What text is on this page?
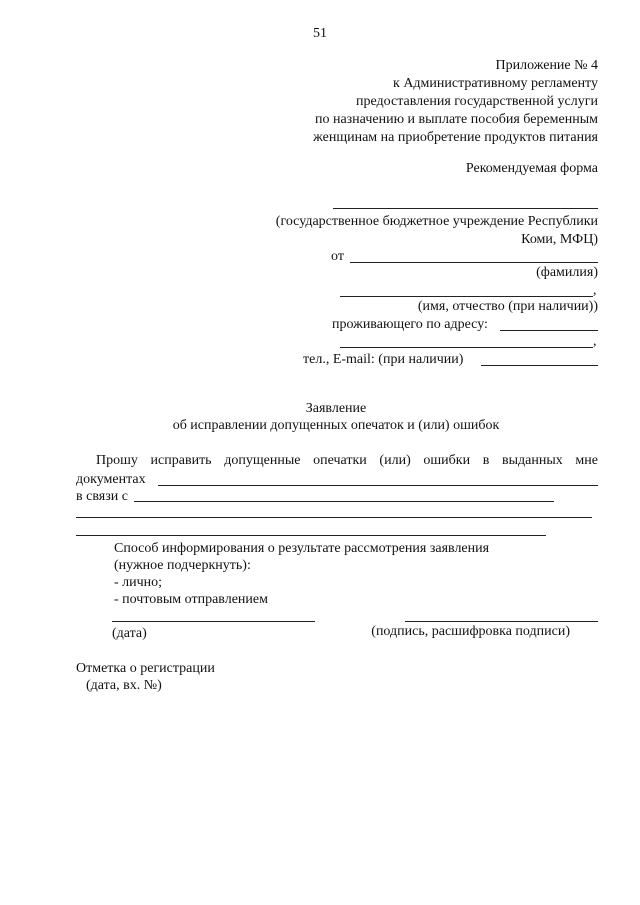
51
Приложение № 4
к Административному регламенту
предоставления государственной услуги
по назначению и выплате пособия беременным
женщинам на приобретение продуктов питания
Рекомендуемая форма
(государственное бюджетное учреждение Республики
Коми, МФЦ)
от
(фамилия)
,
(имя, отчество (при наличии))
проживающего по адресу:
,
тел., E-mail: (при наличии)
Заявление
об исправлении допущенных опечаток и (или) ошибок
Прошу исправить допущенные опечатки (или) ошибки в выданных мне
документах
в связи с
Способ информирования о результате рассмотрения заявления
(нужное подчеркнуть):
- лично;
- почтовым отправлением
(дата)	(подпись, расшифровка подписи)
Отметка о регистрации
(дата, вх. №)
